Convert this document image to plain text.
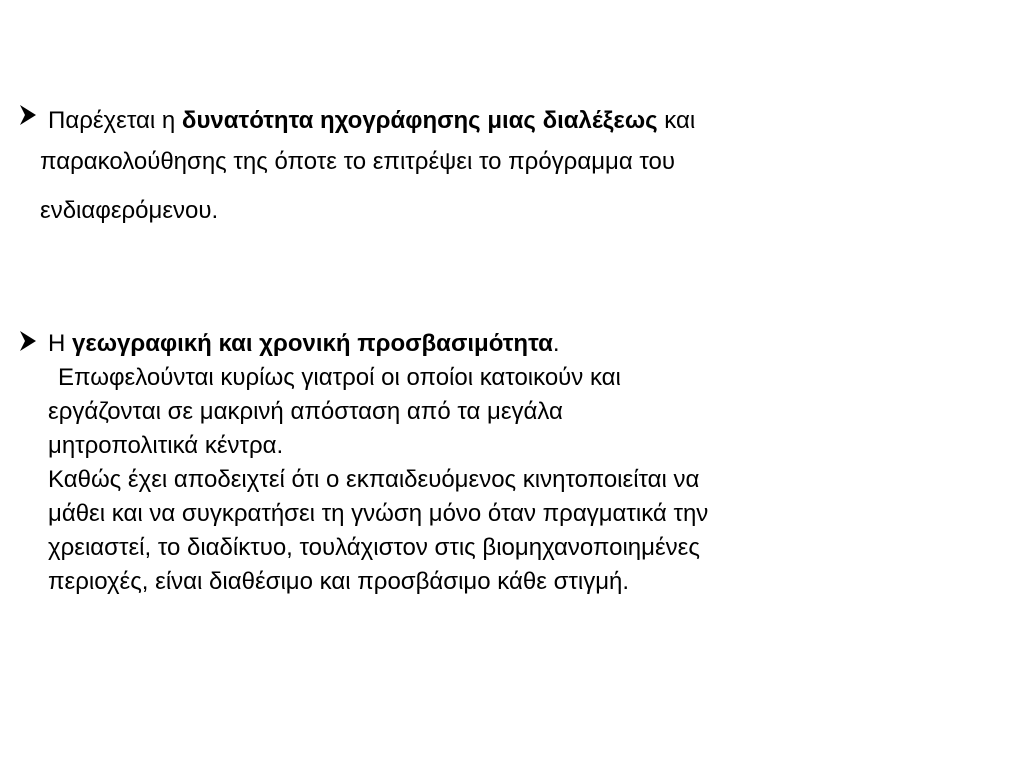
Παρέχεται η δυνατότητα ηχογράφησης μιας διαλέξεως και
παρακολούθησης της όποτε το επιτρέψει το πρόγραμμα του
ενδιαφερόμενου.
Η γεωγραφική και χρονική προσβασιμότητα.
Επωφελούνται κυρίως γιατροί οι οποίοι κατοικούν και
εργάζονται σε μακρινή απόσταση από τα μεγάλα
μητροπολιτικά κέντρα.
Καθώς έχει αποδειχτεί ότι ο εκπαιδευόμενος κινητοποιείται να
μάθει και να συγκρατήσει τη γνώση μόνο όταν πραγματικά την
χρειαστεί, το διαδίκτυο, τουλάχιστον στις βιομηχανοποιημένες
περιοχές, είναι διαθέσιμο και προσβάσιμο κάθε στιγμή.
